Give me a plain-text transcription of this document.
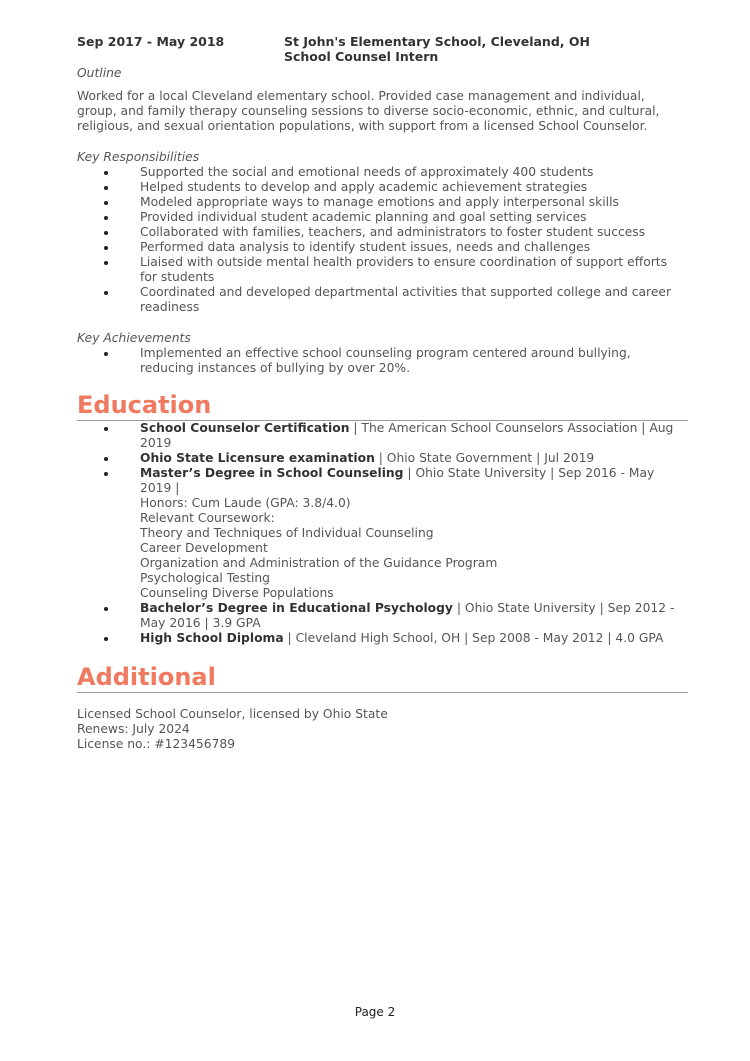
Sep 2017 - May 2018	St John's Elementary School, Cleveland, OH
School Counsel Intern
Outline
Worked for a local Cleveland elementary school. Provided case management and individual, group, and family therapy counseling sessions to diverse socio-economic, ethnic, and cultural, religious, and sexual orientation populations, with support from a licensed School Counselor.
Key Responsibilities
Supported the social and emotional needs of approximately 400 students
Helped students to develop and apply academic achievement strategies
Modeled appropriate ways to manage emotions and apply interpersonal skills
Provided individual student academic planning and goal setting services
Collaborated with families, teachers, and administrators to foster student success
Performed data analysis to identify student issues, needs and challenges
Liaised with outside mental health providers to ensure coordination of support efforts for students
Coordinated and developed departmental activities that supported college and career readiness
Key Achievements
Implemented an effective school counseling program centered around bullying, reducing instances of bullying by over 20%.
Education
School Counselor Certification | The American School Counselors Association | Aug 2019
Ohio State Licensure examination | Ohio State Government | Jul 2019
Master’s Degree in School Counseling | Ohio State University | Sep 2016 - May 2019 |
Honors: Cum Laude (GPA: 3.8/4.0)
Relevant Coursework:
Theory and Techniques of Individual Counseling
Career Development
Organization and Administration of the Guidance Program
Psychological Testing
Counseling Diverse Populations
Bachelor’s Degree in Educational Psychology | Ohio State University | Sep 2012 - May 2016 | 3.9 GPA
High School Diploma | Cleveland High School, OH | Sep 2008 - May 2012 | 4.0 GPA
Additional
Licensed School Counselor, licensed by Ohio State
Renews: July 2024
License no.: #123456789
Page 2
